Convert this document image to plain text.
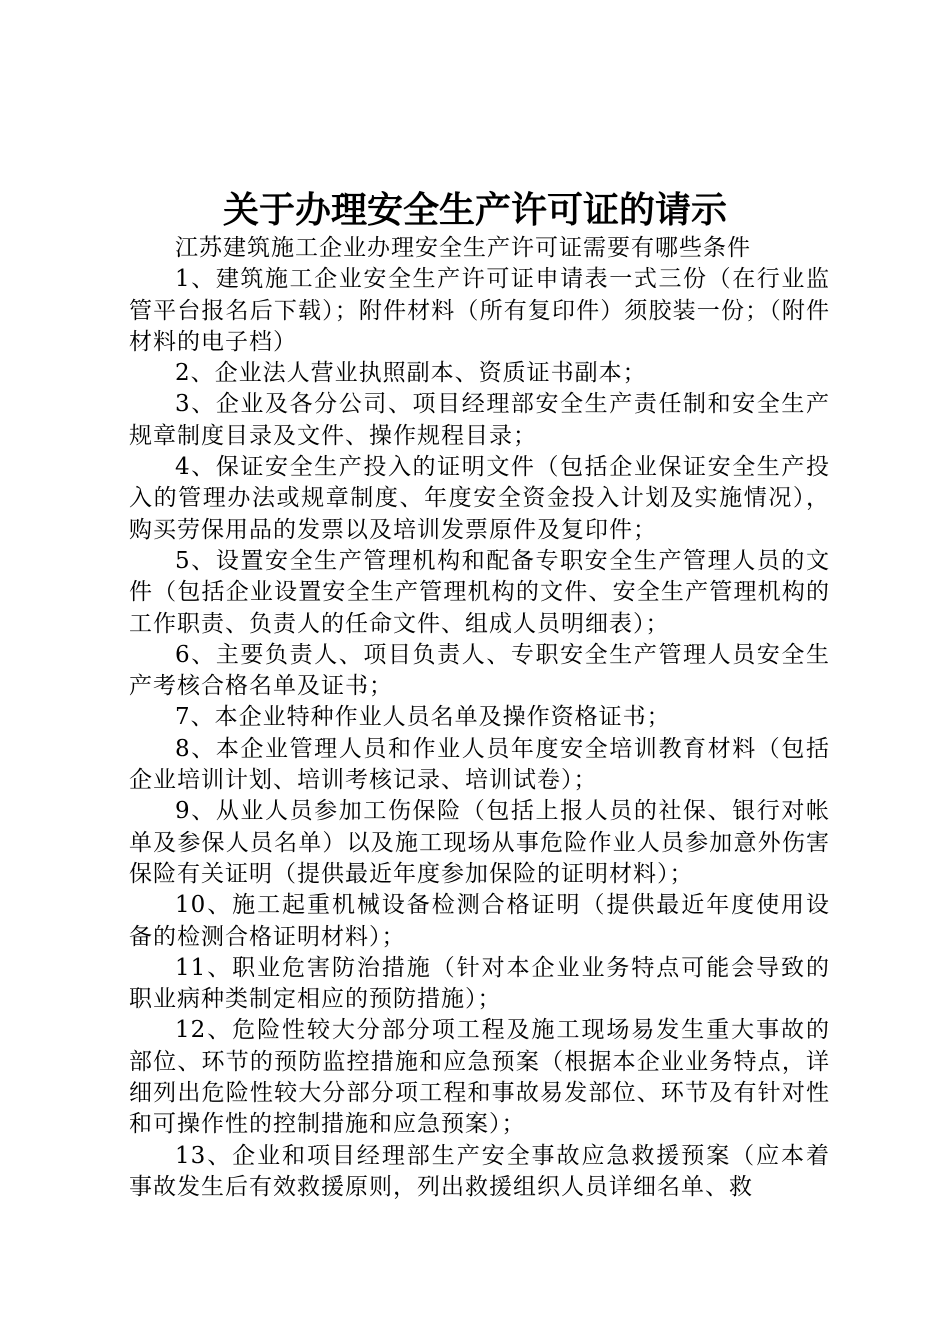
关于办理安全生产许可证的请示

江苏建筑施工企业办理安全生产许可证需要有哪些条件

1、建筑施工企业安全生产许可证申请表一式三份（在行业监管平台报名后下载）；附件材料（所有复印件）须胶装一份；（附件材料的电子档）

2、企业法人营业执照副本、资质证书副本；

3、企业及各分公司、项目经理部安全生产责任制和安全生产规章制度目录及文件、操作规程目录；

4、保证安全生产投入的证明文件（包括企业保证安全生产投入的管理办法或规章制度、年度安全资金投入计划及实施情况），购买劳保用品的发票以及培训发票原件及复印件；

5、设置安全生产管理机构和配备专职安全生产管理人员的文件（包括企业设置安全生产管理机构的文件、安全生产管理机构的工作职责、负责人的任命文件、组成人员明细表）；

6、主要负责人、项目负责人、专职安全生产管理人员安全生产考核合格名单及证书；

7、本企业特种作业人员名单及操作资格证书；

8、本企业管理人员和作业人员年度安全培训教育材料（包括企业培训计划、培训考核记录、培训试卷）；

9、从业人员参加工伤保险（包括上报人员的社保、银行对帐单及参保人员名单）以及施工现场从事危险作业人员参加意外伤害保险有关证明（提供最近年度参加保险的证明材料）；

10、施工起重机械设备检测合格证明（提供最近年度使用设备的检测合格证明材料）；

11、职业危害防治措施（针对本企业业务特点可能会导致的职业病种类制定相应的预防措施）；

12、危险性较大分部分项工程及施工现场易发生重大事故的部位、环节的预防监控措施和应急预案（根据本企业业务特点，详细列出危险性较大分部分项工程和事故易发部位、环节及有针对性和可操作性的控制措施和应急预案）；

13、企业和项目经理部生产安全事故应急救援预案（应本着事故发生后有效救援原则，列出救援组织人员详细名单、救
